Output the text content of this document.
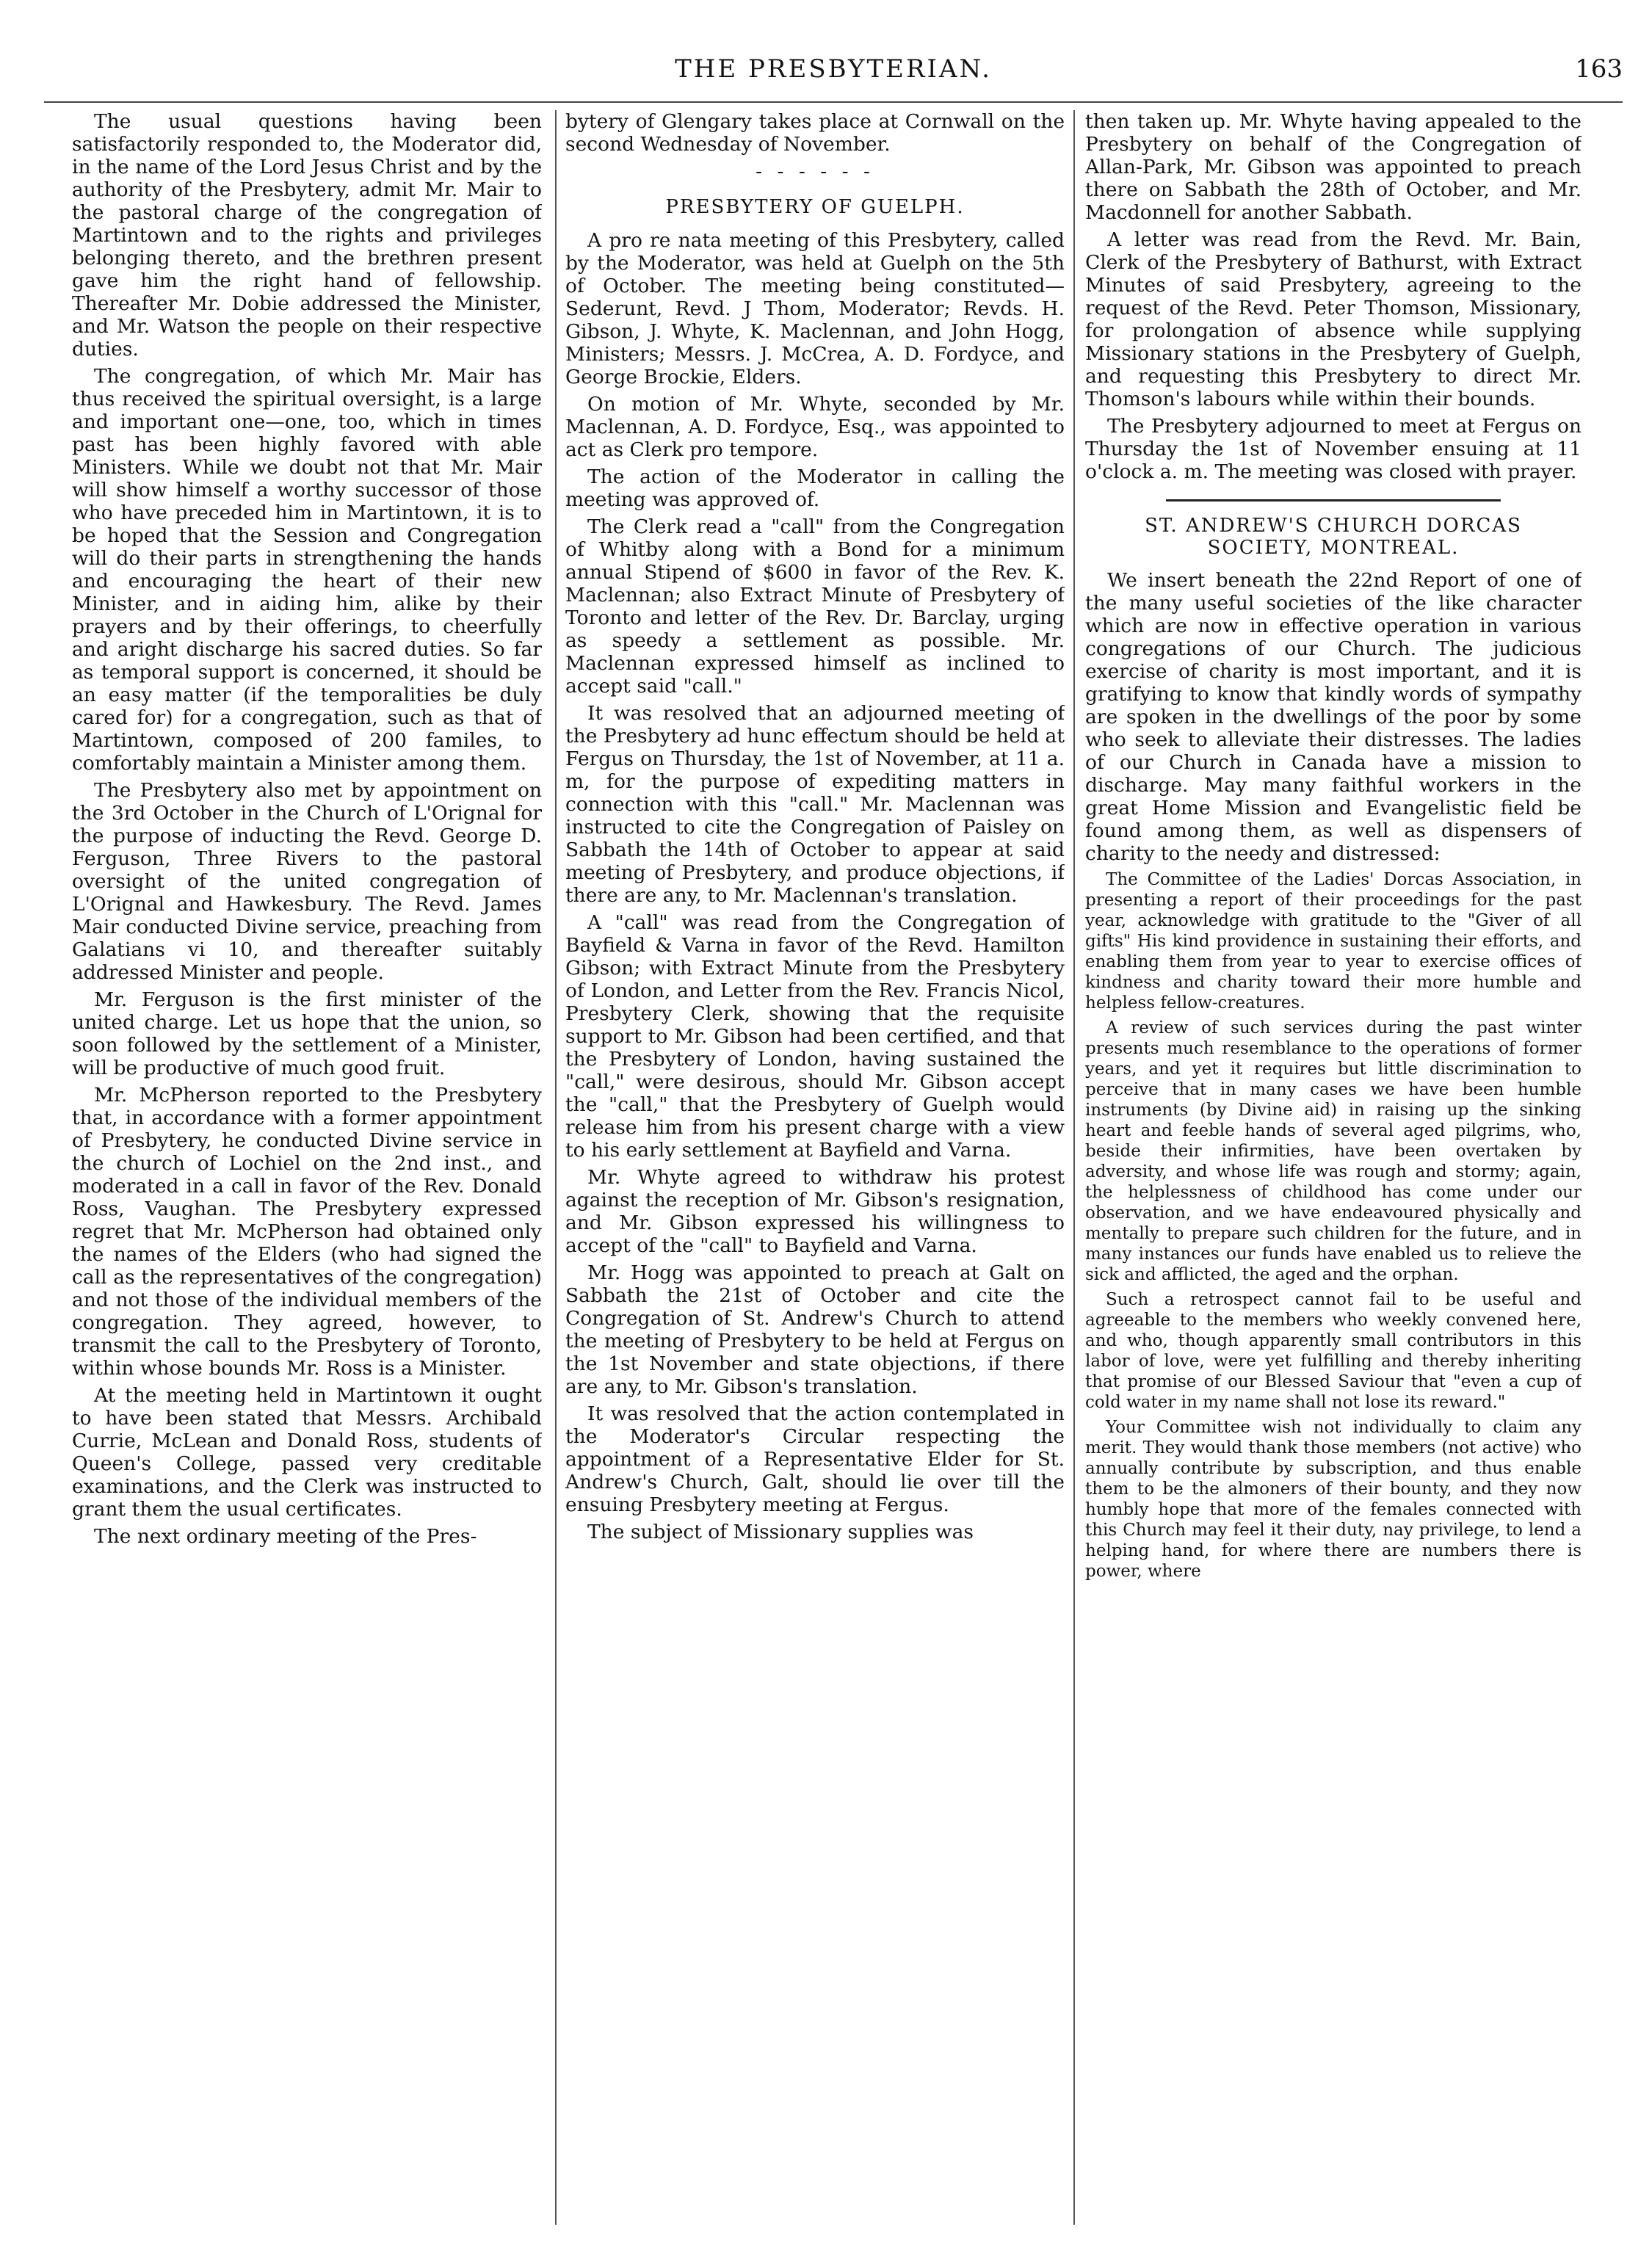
THE PRESBYTERIAN.	163

The usual questions having been satisfactorily responded to, the Moderator did, in the name of the Lord Jesus Christ and by the authority of the Presbytery, admit Mr. Mair to the pastoral charge of the congregation of Martintown and to the rights and privileges belonging thereto, and the brethren present gave him the right hand of fellowship. Thereafter Mr. Dobie addressed the Minister, and Mr. Watson the people on their respective duties.

The congregation, of which Mr. Mair has thus received the spiritual oversight, is a large and important one—one, too, which in times past has been highly favored with able Ministers. While we doubt not that Mr. Mair will show himself a worthy successor of those who have preceded him in Martintown, it is to be hoped that the Session and Congregation will do their parts in strengthening the hands and encouraging the heart of their new Minister, and in aiding him, alike by their prayers and by their offerings, to cheerfully and aright discharge his sacred duties. So far as temporal support is concerned, it should be an easy matter (if the temporalities be duly cared for) for a congregation, such as that of Martintown, composed of 200 familes, to comfortably maintain a Minister among them.

The Presbytery also met by appointment on the 3rd October in the Church of L'Orignal for the purpose of inducting the Revd. George D. Ferguson, Three Rivers to the pastoral oversight of the united congregation of L'Orignal and Hawkesbury. The Revd. James Mair conducted Divine service, preaching from Galatians vi 10, and thereafter suitably addressed Minister and people.

Mr. Ferguson is the first minister of the united charge. Let us hope that the union, so soon followed by the settlement of a Minister, will be productive of much good fruit.

Mr. McPherson reported to the Presbytery that, in accordance with a former appointment of Presbytery, he conducted Divine service in the church of Lochiel on the 2nd inst., and moderated in a call in favor of the Rev. Donald Ross, Vaughan. The Presbytery expressed regret that Mr. McPherson had obtained only the names of the Elders (who had signed the call as the representatives of the congregation) and not those of the individual members of the congregation. They agreed, however, to transmit the call to the Presbytery of Toronto, within whose bounds Mr. Ross is a Minister.

At the meeting held in Martintown it ought to have been stated that Messrs. Archibald Currie, McLean and Donald Ross, students of Queen's College, passed very creditable examinations, and the Clerk was instructed to grant them the usual certificates.

The next ordinary meeting of the Pres-

bytery of Glengary takes place at Cornwall on the second Wednesday of November.

- - - - - -
PRESBYTERY OF GUELPH.

A pro re nata meeting of this Presbytery, called by the Moderator, was held at Guelph on the 5th of October. The meeting being constituted—Sederunt, Revd. J Thom, Moderator; Revds. H. Gibson, J. Whyte, K. Maclennan, and John Hogg, Ministers; Messrs. J. McCrea, A. D. Fordyce, and George Brockie, Elders.

On motion of Mr. Whyte, seconded by Mr. Maclennan, A. D. Fordyce, Esq., was appointed to act as Clerk pro tempore.

The action of the Moderator in calling the meeting was approved of.

The Clerk read a "call" from the Congregation of Whitby along with a Bond for a minimum annual Stipend of $600 in favor of the Rev. K. Maclennan; also Extract Minute of Presbytery of Toronto and letter of the Rev. Dr. Barclay, urging as speedy a settlement as possible. Mr. Maclennan expressed himself as inclined to accept said "call."

It was resolved that an adjourned meeting of the Presbytery ad hunc effectum should be held at Fergus on Thursday, the 1st of November, at 11 a. m, for the purpose of expediting matters in connection with this "call." Mr. Maclennan was instructed to cite the Congregation of Paisley on Sabbath the 14th of October to appear at said meeting of Presbytery, and produce objections, if there are any, to Mr. Maclennan's translation.

A "call" was read from the Congregation of Bayfield & Varna in favor of the Revd. Hamilton Gibson; with Extract Minute from the Presbytery of London, and Letter from the Rev. Francis Nicol, Presbytery Clerk, showing that the requisite support to Mr. Gibson had been certified, and that the Presbytery of London, having sustained the "call," were desirous, should Mr. Gibson accept the "call," that the Presbytery of Guelph would release him from his present charge with a view to his early settlement at Bayfield and Varna.

Mr. Whyte agreed to withdraw his protest against the reception of Mr. Gibson's resignation, and Mr. Gibson expressed his willingness to accept of the "call" to Bayfield and Varna.

Mr. Hogg was appointed to preach at Galt on Sabbath the 21st of October and cite the Congregation of St. Andrew's Church to attend the meeting of Presbytery to be held at Fergus on the 1st November and state objections, if there are any, to Mr. Gibson's translation.

It was resolved that the action contemplated in the Moderator's Circular respecting the appointment of a Representative Elder for St. Andrew's Church, Galt, should lie over till the ensuing Presbytery meeting at Fergus.

The subject of Missionary supplies was

then taken up. Mr. Whyte having appealed to the Presbytery on behalf of the Congregation of Allan-Park, Mr. Gibson was appointed to preach there on Sabbath the 28th of October, and Mr. Macdonnell for another Sabbath.

A letter was read from the Revd. Mr. Bain, Clerk of the Presbytery of Bathurst, with Extract Minutes of said Presbytery, agreeing to the request of the Revd. Peter Thomson, Missionary, for prolongation of absence while supplying Missionary stations in the Presbytery of Guelph, and requesting this Presbytery to direct Mr. Thomson's labours while within their bounds.

The Presbytery adjourned to meet at Fergus on Thursday the 1st of November ensuing at 11 o'clock a. m. The meeting was closed with prayer.

ST. ANDREW'S CHURCH DORCAS
SOCIETY, MONTREAL.

We insert beneath the 22nd Report of one of the many useful societies of the like character which are now in effective operation in various congregations of our Church. The judicious exercise of charity is most important, and it is gratifying to know that kindly words of sympathy are spoken in the dwellings of the poor by some who seek to alleviate their distresses. The ladies of our Church in Canada have a mission to discharge. May many faithful workers in the great Home Mission and Evangelistic field be found among them, as well as dispensers of charity to the needy and distressed:

The Committee of the Ladies' Dorcas Association, in presenting a report of their proceedings for the past year, acknowledge with gratitude to the "Giver of all gifts" His kind providence in sustaining their efforts, and enabling them from year to year to exercise offices of kindness and charity toward their more humble and helpless fellow-creatures.

A review of such services during the past winter presents much resemblance to the operations of former years, and yet it requires but little discrimination to perceive that in many cases we have been humble instruments (by Divine aid) in raising up the sinking heart and feeble hands of several aged pilgrims, who, beside their infirmities, have been overtaken by adversity, and whose life was rough and stormy; again, the helplessness of childhood has come under our observation, and we have endeavoured physically and mentally to prepare such children for the future, and in many instances our funds have enabled us to relieve the sick and afflicted, the aged and the orphan.

Such a retrospect cannot fail to be useful and agreeable to the members who weekly convened here, and who, though apparently small contributors in this labor of love, were yet fulfilling and thereby inheriting that promise of our Blessed Saviour that "even a cup of cold water in my name shall not lose its reward."

Your Committee wish not individually to claim any merit. They would thank those members (not active) who annually contribute by subscription, and thus enable them to be the almoners of their bounty, and they now humbly hope that more of the females connected with this Church may feel it their duty, nay privilege, to lend a helping hand, for where there are numbers there is power, where
